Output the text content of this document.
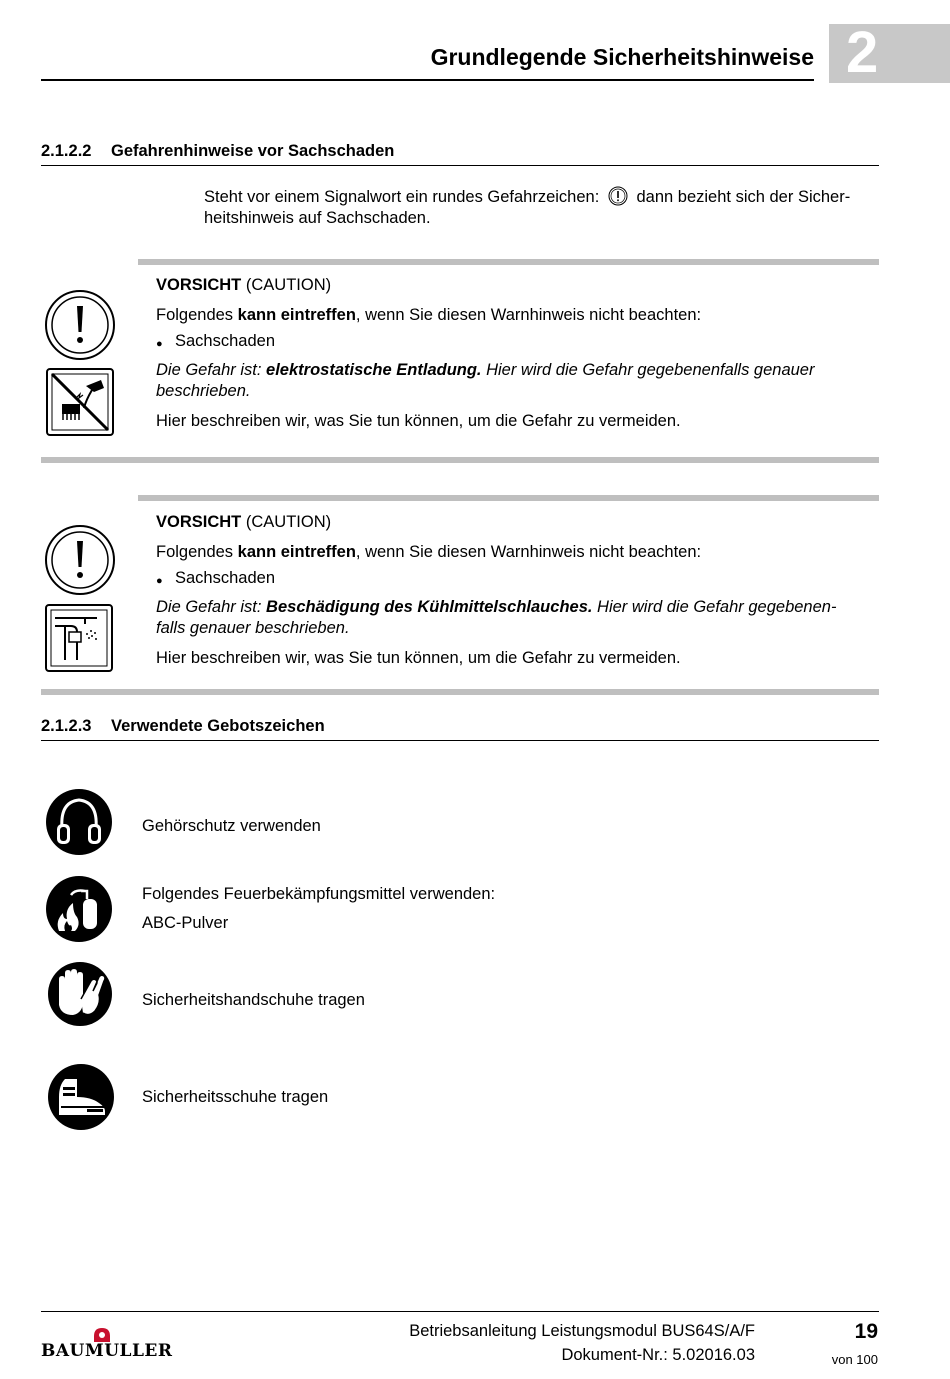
Grundlegende Sicherheitshinweise 2
2.1.2.2 Gefahrenhinweise vor Sachschaden
Steht vor einem Signalwort ein rundes Gefahrzeichen: dann bezieht sich der Sicher-
heitshinweis auf Sachschaden.
VORSICHT (CAUTION)
Folgendes kann eintreffen, wenn Sie diesen Warnhinweis nicht beachten:
● Sachschaden
Die Gefahr ist: elektrostatische Entladung. Hier wird die Gefahr gegebenenfalls genauer
beschrieben.
Hier beschreiben wir, was Sie tun können, um die Gefahr zu vermeiden.
VORSICHT (CAUTION)
Folgendes kann eintreffen, wenn Sie diesen Warnhinweis nicht beachten:
● Sachschaden
Die Gefahr ist: Beschädigung des Kühlmittelschlauches. Hier wird die Gefahr gegebenen-
falls genauer beschrieben.
Hier beschreiben wir, was Sie tun können, um die Gefahr zu vermeiden.
2.1.2.3 Verwendete Gebotszeichen
Gehörschutz verwenden
Folgendes Feuerbekämpfungsmittel verwenden:
ABC-Pulver
Sicherheitshandschuhe tragen
Sicherheitsschuhe tragen
BAUMULLER
Betriebsanleitung Leistungsmodul BUS64S/A/F
Dokument-Nr.: 5.02016.03
19
von 100
